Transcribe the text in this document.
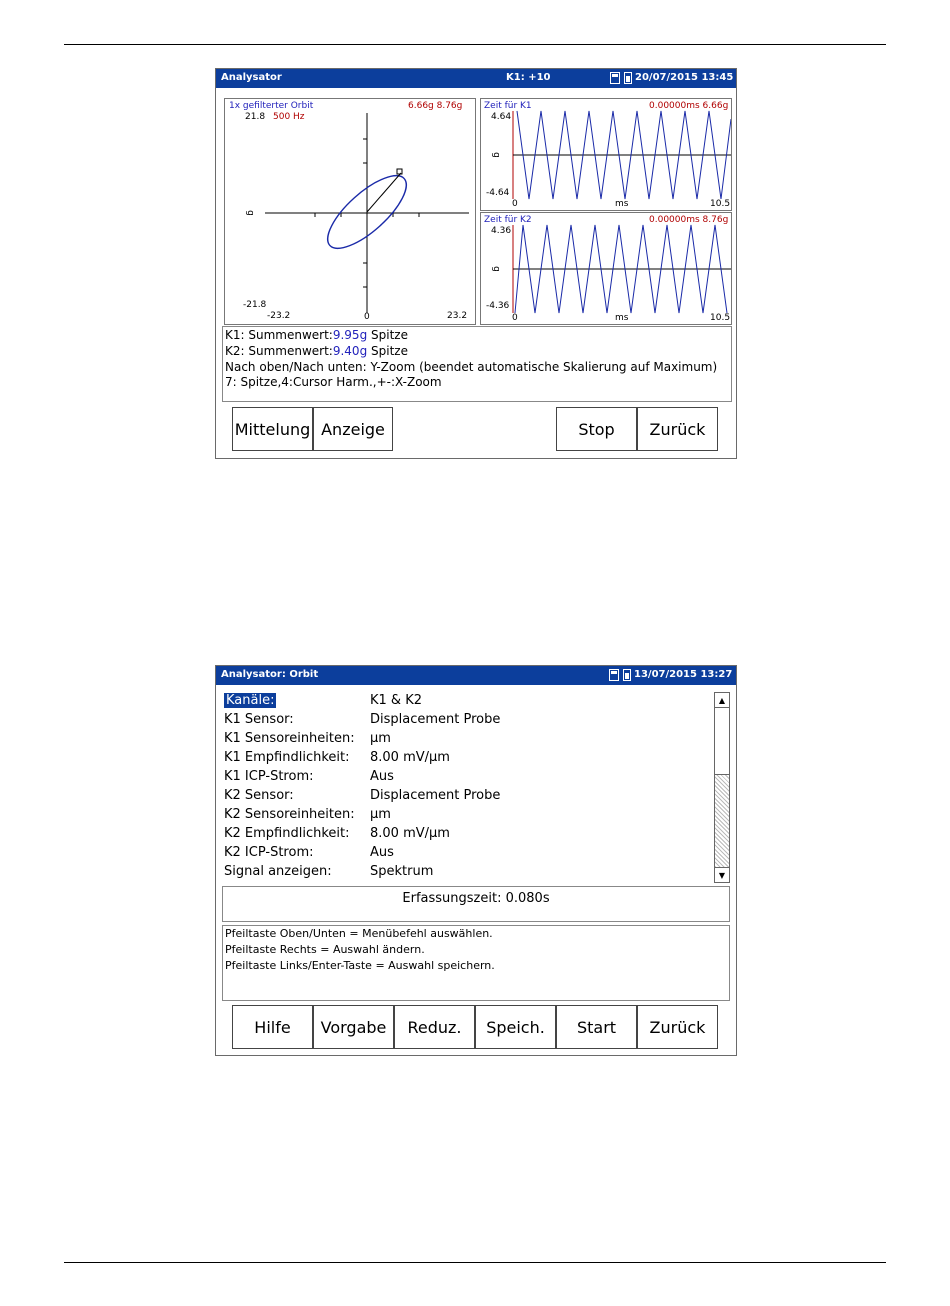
Analysator	K1: +10	20/07/2015 13:45
1x gefilterter Orbit	6.66g 8.76g
21.8 500 Hz
g
-21.8
-23.2	0	23.2
Zeit für K1	0.00000ms 6.66g
4.64
g
-4.64
0	ms	10.5
Zeit für K2	0.00000ms 8.76g
4.36
g
-4.36
0	ms	10.5
K1: Summenwert:9.95g Spitze
K2: Summenwert:9.40g Spitze
Nach oben/Nach unten: Y-Zoom (beendet automatische Skalierung auf Maximum)
7: Spitze,4:Cursor Harm.,+-:X-Zoom
Mittelung Anzeige	Stop	Zurück
Analysator: Orbit	13/07/2015 13:27
Kanäle:	K1 & K2
K1 Sensor:	Displacement Probe
K1 Sensoreinheiten: µm
K1 Empfindlichkeit: 8.00 mV/µm
K1 ICP-Strom:	Aus
K2 Sensor:	Displacement Probe
K2 Sensoreinheiten: µm
K2 Empfindlichkeit: 8.00 mV/µm
K2 ICP-Strom:	Aus
Signal anzeigen:	Spektrum
▲
▼
Erfassungszeit: 0.080s
Pfeiltaste Oben/Unten = Menübefehl auswählen.
Pfeiltaste Rechts = Auswahl ändern.
Pfeiltaste Links/Enter-Taste = Auswahl speichern.
Hilfe	Vorgabe	Reduz.	Speich.	Start	Zurück
